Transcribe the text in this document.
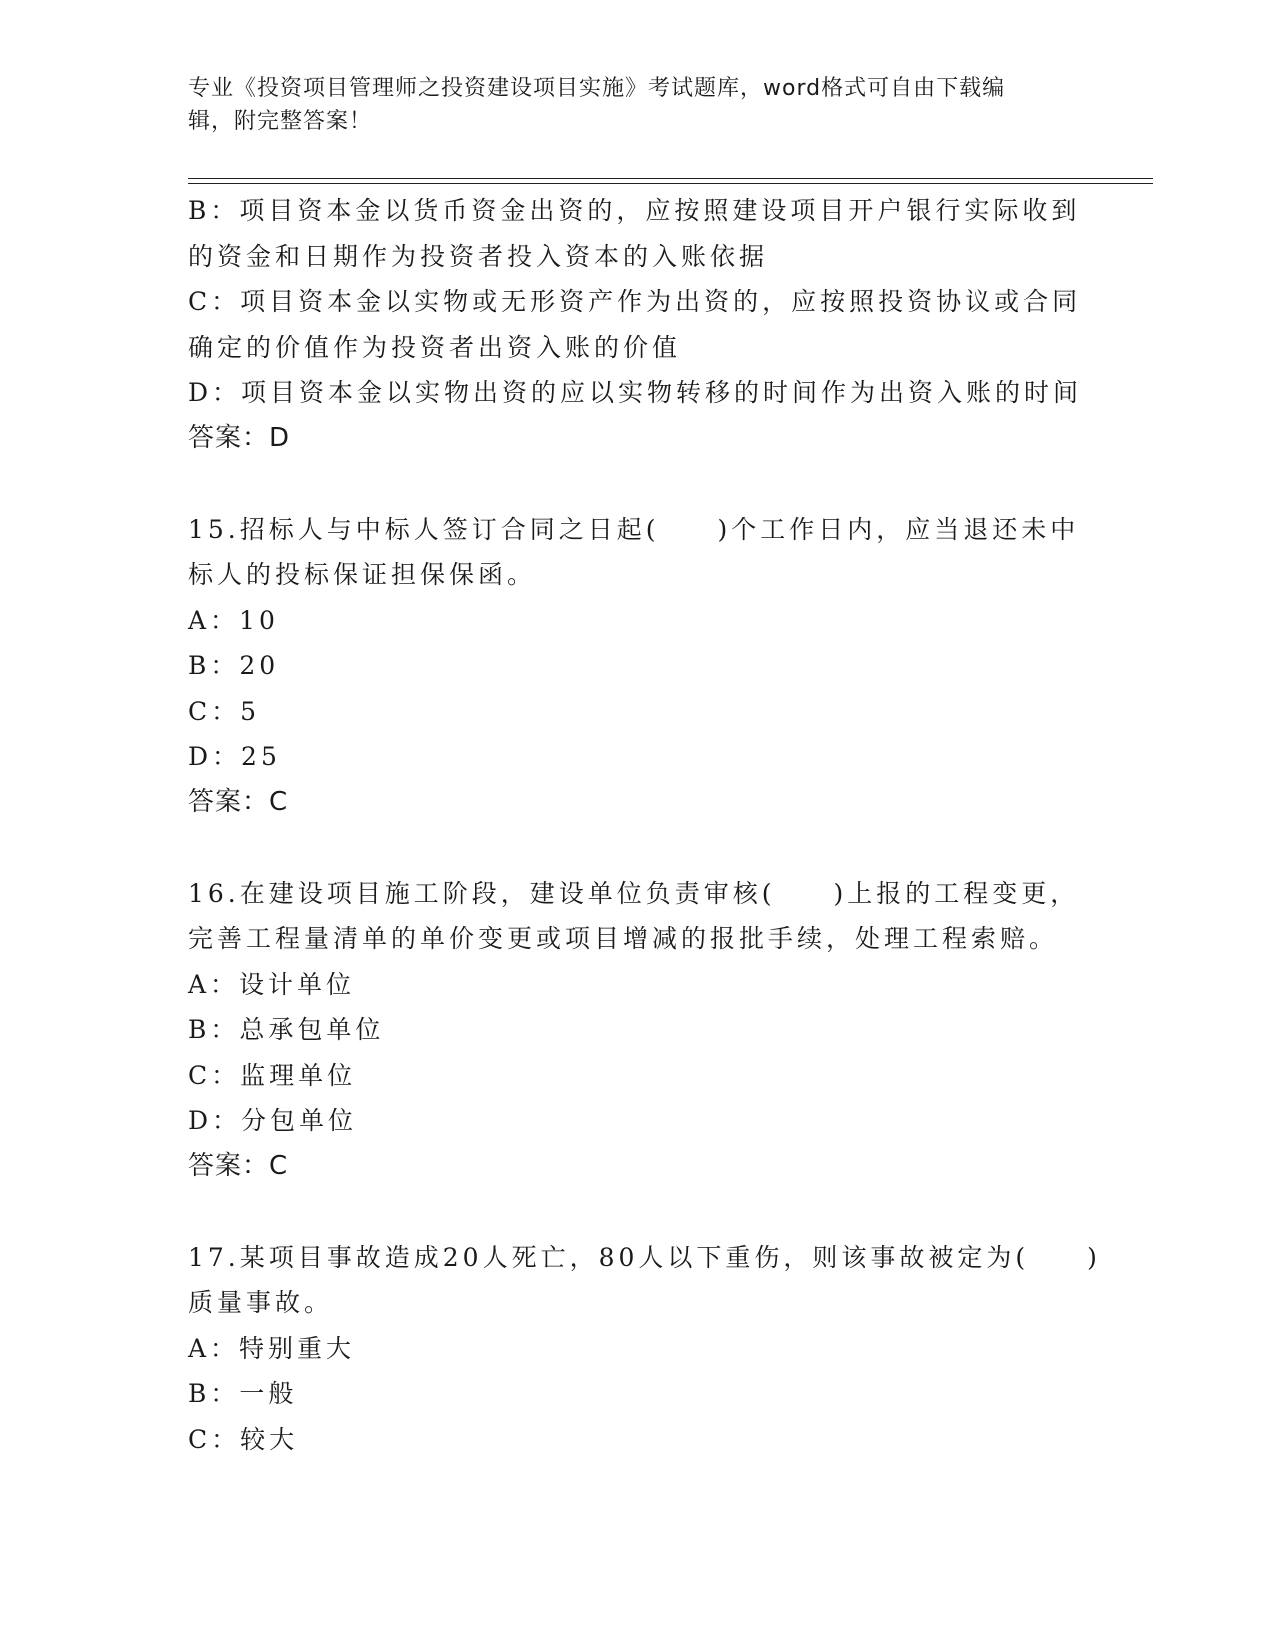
专业《投资项目管理师之投资建设项目实施》考试题库，word格式可自由下载编
辑，附完整答案！
B：项目资本金以货币资金出资的，应按照建设项目开户银行实际收到
的资金和日期作为投资者投入资本的入账依据
C：项目资本金以实物或无形资产作为出资的，应按照投资协议或合同
确定的价值作为投资者出资入账的价值
D：项目资本金以实物出资的应以实物转移的时间作为出资入账的时间
答案：D
15.招标人与中标人签订合同之日起(　　)个工作日内，应当退还未中
标人的投标保证担保保函。
A：10
B：20
C：5
D：25
答案：C
16.在建设项目施工阶段，建设单位负责审核(　　)上报的工程变更，
完善工程量清单的单价变更或项目增减的报批手续，处理工程索赔。
A：设计单位
B：总承包单位
C：监理单位
D：分包单位
答案：C
17.某项目事故造成20人死亡，80人以下重伤，则该事故被定为(　　)
质量事故。
A：特别重大
B：一般
C：较大
